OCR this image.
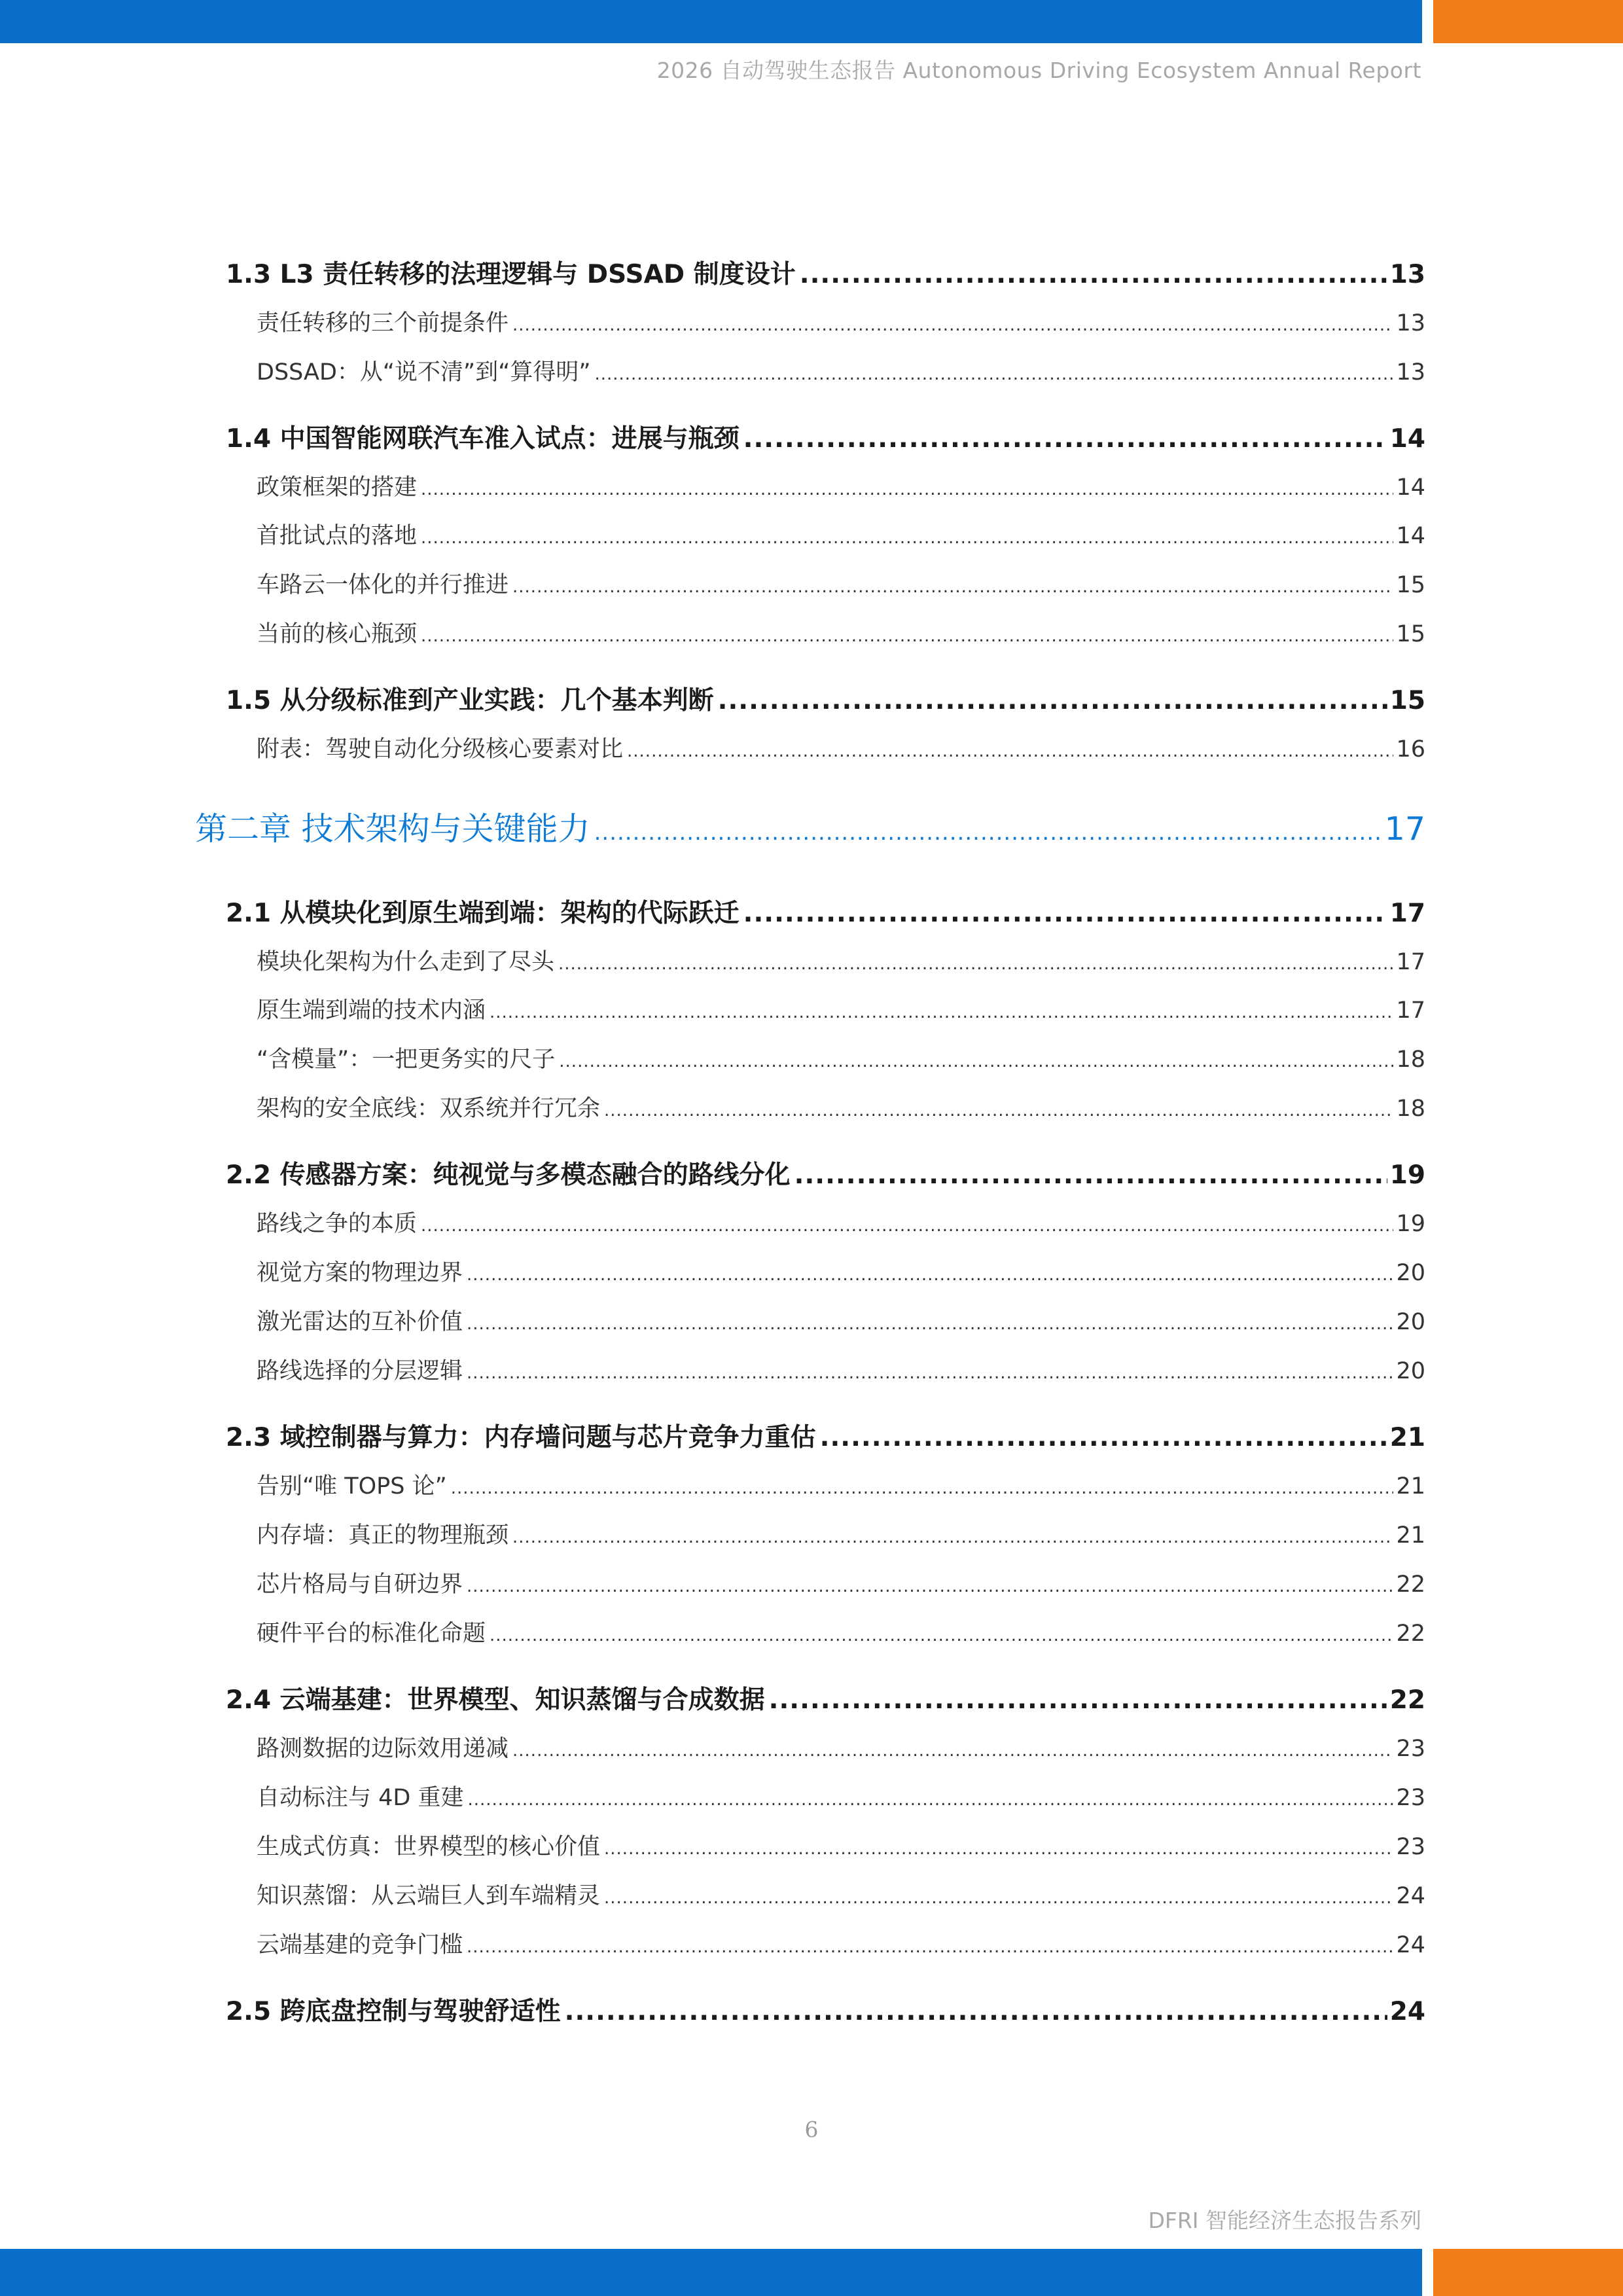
2026 自动驾驶生态报告 Autonomous Driving Ecosystem Annual Report
1.3 L3 责任转移的法理逻辑与 DSSAD 制度设计 .....	13
责任转移的三个前提条件 .....	13
DSSAD：从“说不清”到“算得明” .....	13
1.4 中国智能网联汽车准入试点：进展与瓶颈 .....	14
政策框架的搭建 .....	14
首批试点的落地 .....	14
车路云一体化的并行推进 .....	15
当前的核心瓶颈 .....	15
1.5 从分级标准到产业实践：几个基本判断 .....	15
附表：驾驶自动化分级核心要素对比 .....	16
第二章 技术架构与关键能力 .....	17
2.1 从模块化到原生端到端：架构的代际跃迁 .....	17
模块化架构为什么走到了尽头 .....	17
原生端到端的技术内涵 .....	17
“含模量”：一把更务实的尺子 .....	18
架构的安全底线：双系统并行冗余 .....	18
2.2 传感器方案：纯视觉与多模态融合的路线分化 .....	19
路线之争的本质 .....	19
视觉方案的物理边界 .....	20
激光雷达的互补价值 .....	20
路线选择的分层逻辑 .....	20
2.3 域控制器与算力：内存墙问题与芯片竞争力重估 .....	21
告别“唯 TOPS 论” .....	21
内存墙：真正的物理瓶颈 .....	21
芯片格局与自研边界 .....	22
硬件平台的标准化命题 .....	22
2.4 云端基建：世界模型、知识蒸馏与合成数据 .....	22
路测数据的边际效用递减 .....	23
自动标注与 4D 重建 .....	23
生成式仿真：世界模型的核心价值 .....	23
知识蒸馏：从云端巨人到车端精灵 .....	24
云端基建的竞争门槛 .....	24
2.5 跨底盘控制与驾驶舒适性 .....	24
6
DFRI 智能经济生态报告系列
